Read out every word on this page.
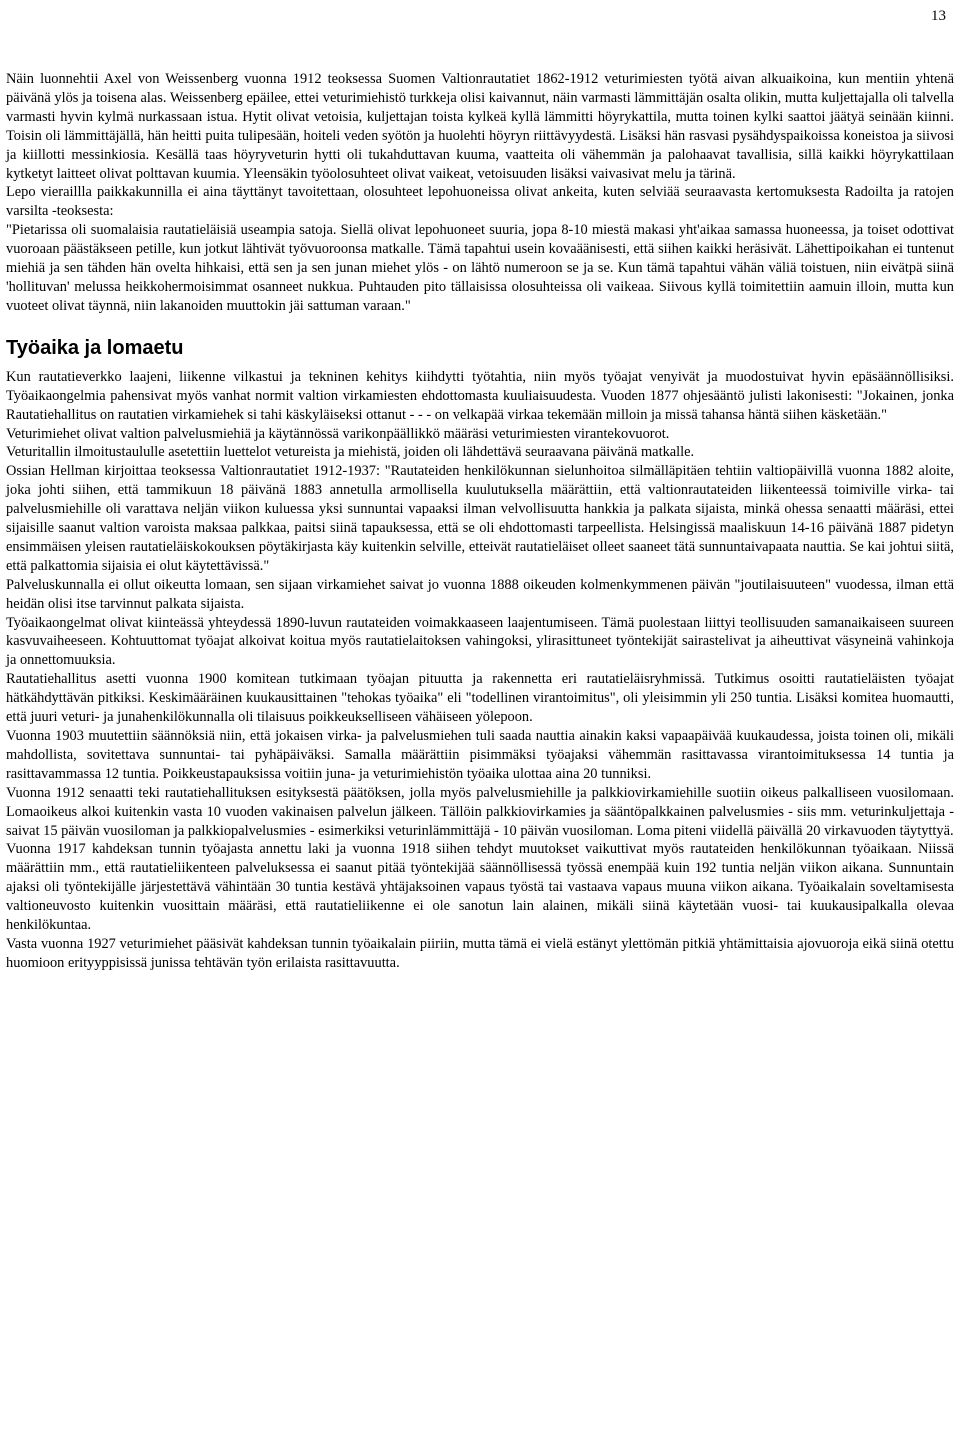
13

Näin luonnehtii Axel von Weissenberg vuonna 1912 teoksessa Suomen Valtionrautatiet 1862-1912 veturimiesten työtä aivan alkuaikoina, kun mentiin yhtenä päivänä ylös ja toisena alas. Weissenberg epäilee, ettei veturimiehistö turkkeja olisi kaivannut, näin varmasti lämmittäjän osalta olikin, mutta kuljettajalla oli talvella varmasti hyvin kylmä nurkassaan istua. Hytit olivat vetoisia, kuljettajan toista kylkeä kyllä lämmitti höyrykattila, mutta toinen kylki saattoi jäätyä seinään kiinni. Toisin oli lämmittäjällä, hän heitti puita tulipesään, hoiteli veden syötön ja huolehti höyryn riittävyydestä. Lisäksi hän rasvasi pysähdyspaikoissa koneistoa ja siivosi ja kiillotti messinkiosia. Kesällä taas höyryveturin hytti oli tukahduttavan kuuma, vaatteita oli vähemmän ja palohaavat tavallisia, sillä kaikki höyrykattilaan kytketyt laitteet olivat polttavan kuumia. Yleensäkin työolosuhteet olivat vaikeat, vetoisuuden lisäksi vaivasivat melu ja tärinä.

Lepo vieraillla paikkakunnilla ei aina täyttänyt tavoitettaan, olosuhteet lepohuoneissa olivat ankeita, kuten selviää seuraavasta kertomuksesta Radoilta ja ratojen varsilta -teoksesta:

"Pietarissa oli suomalaisia rautatieläisiä useampia satoja. Siellä olivat lepohuoneet suuria, jopa 8-10 miestä makasi yht'aikaa samassa huoneessa, ja toiset odottivat vuoroaan päästäkseen petille, kun jotkut lähtivät työvuoroonsa matkalle. Tämä tapahtui usein kovaäänisesti, että siihen kaikki heräsivät. Lähettipoikahan ei tuntenut miehiä ja sen tähden hän oveltа hihkaisi, että sen ja sen junan miehet ylös - on lähtö numeroon se ja se. Kun tämä tapahtui vähän väliä toistuen, niin eivätpä siinä 'hollituvan' melussa heikkohermoisimmat osanneet nukkua. Puhtauden pito tällaisissa olosuhteissa oli vaikeaa. Siivous kyllä toimitettiin aamuin illoin, mutta kun vuoteet olivat täynnä, niin lakanoiden muuttokin jäi sattuman varaan."

Työaika ja lomaetu

Kun rautatieverkko laajeni, liikenne vilkastui ja tekninen kehitys kiihdytti työtahtia, niin myös työajat venyivät ja muodostuivat hyvin epäsäännöllisiksi. Työaikaongelmia pahensivat myös vanhat normit valtion virkamiesten ehdottomasta kuuliaisuudesta. Vuoden 1877 ohjesääntö julisti lakonisesti: "Jokainen, jonka Rautatiehallitus on rautatien virkamiehek si tahi käskyläiseksi ottanut - - - on velkapää virkaa tekemään milloin ja missä tahansa häntä siihen käsketään."

Veturimiehet olivat valtion palvelusmiehiä ja käytännössä varikonpäällikkö määräsi veturimiesten virantekovuorot.

Veturitallin ilmoitustaululle asetettiin luettelot vetureista ja miehistä, joiden oli lähdettävä seuraavana päivänä matkalle.

Ossian Hellman kirjoittaa teoksessa Valtionrautatiet 1912-1937: "Rautateiden henkilökunnan sielunhoitoa silmälläpitäen tehtiin valtiopäivillä vuonna 1882 aloite, joka johti siihen, että tammikuun 18 päivänä 1883 annetulla armollisella kuulutuksella määrättiin, että valtionrautateiden liikenteessä toimiville virka- tai palvelusmiehille oli varattava neljän viikon kuluessa yksi sunnuntai vapaaksi ilman velvollisuutta hankkia ja palkata sijaista, minkä ohessa senaatti määräsi, ettei sijaisille saanut valtion varoista maksaa palkkaa, paitsi siinä tapauksessa, että se oli ehdottomasti tarpeellista. Helsingissä maaliskuun 14-16 päivänä 1887 pidetyn ensimmäisen yleisen rautatieläiskokouksen pöytäkirjasta käy kuitenkin selville, etteivät rautatieläiset olleet saaneet tätä sunnuntaivapaata nauttia. Se kai johtui siitä, että palkattomia sijaisia ei olut käytettävissä."

Palveluskunnalla ei ollut oikeutta lomaan, sen sijaan virkamiehet saivat jo vuonna 1888 oikeuden kolmenkymmenen päivän "joutilaisuuteen" vuodessa, ilman että heidän olisi itse tarvinnut palkata sijaista.

Työaikaongelmat olivat kiinteässä yhteydessä 1890-luvun rautateiden voimakkaaseen laajentumiseen. Tämä puolestaan liittyi teollisuuden samanaikaiseen suureen kasvuvaiheeseen. Kohtuuttomat työajat alkoivat koitua myös rautatielaitoksen vahingoksi, ylirasittuneet työntekijät sairastelivat ja aiheuttivat väsyneinä vahinkoja ja onnettomuuksia.

Rautatiehallitus asetti vuonna 1900 komitean tutkimaan työajan pituutta ja rakennetta eri rautatieläisryhmissä. Tutkimus osoitti rautatieläisten työajat hätkähdyttävän pitkiksi. Keskimääräinen kuukausittainen "tehokas työaika" eli "todellinen virantoimitus", oli yleisimmin yli 250 tuntia. Lisäksi komitea huomautti, että juuri veturi- ja junahenkilökunnalla oli tilaisuus poikkeukselliseen vähäiseen yölepoon.

Vuonna 1903 muutettiin säännöksiä niin, että jokaisen virka- ja palvelusmiehen tuli saada nauttia ainakin kaksi vapaapäivää kuukaudessa, joista toinen oli, mikäli mahdollista, sovitettava sunnuntai- tai pyhäpäiväksi. Samalla määrättiin pisimmäksi työajaksi vähemmän rasittavassa virantoimituksessa 14 tuntia ja rasittavammassa 12 tuntia. Poikkeustapauksissa voitiin juna- ja veturimiehistön työaika ulottaa aina 20 tunniksi.

Vuonna 1912 senaatti teki rautatiehallituksen esityksestä päätöksen, jolla myös palvelusmiehille ja palkkiovirkamiehille suotiin oikeus palkalliseen vuosilomaan. Lomaoikeus alkoi kuitenkin vasta 10 vuoden vakinaisen palvelun jälkeen. Tällöin palkkiovirkamies ja sääntöpalkkainen palvelusmies - siis mm. veturinkuljettaja - saivat 15 päivän vuosiloman ja palkkiopalvelusmies - esimerkiksi veturinlämmittäjä - 10 päivän vuosiloman. Loma piteni viidellä päivällä 20 virkavuoden täytyttyä.

Vuonna 1917 kahdeksan tunnin työajasta annettu laki ja vuonna 1918 siihen tehdyt muutokset vaikuttivat myös rautateiden henkilökunnan työaikaan. Niissä määrättiin mm., että rautatieliikenteen palveluksessa ei saanut pitää työntekijää säännöllisessä työssä enempää kuin 192 tuntia neljän viikon aikana. Sunnuntain ajaksi oli työntekijälle järjestettävä vähintään 30 tuntia kestävä yhtäjaksoinen vapaus työstä tai vastaava vapaus muuna viikon aikana. Työaikalain soveltamisesta valtioneuvosto kuitenkin vuosittain määräsi, että rautatieliikenne ei ole sanotun lain alainen, mikäli siinä käytetään vuosi- tai kuukausipalkalla olevaa henkilökuntaa.

Vasta vuonna 1927 veturimiehet pääsivät kahdeksan tunnin työaikalain piiriin, mutta tämä ei vielä estänyt ylettömän pitkiä yhtämittaisia ajovuoroja eikä siinä otettu huomioon erityyppisissä junissa tehtävän työn erilaista rasittavuutta.
